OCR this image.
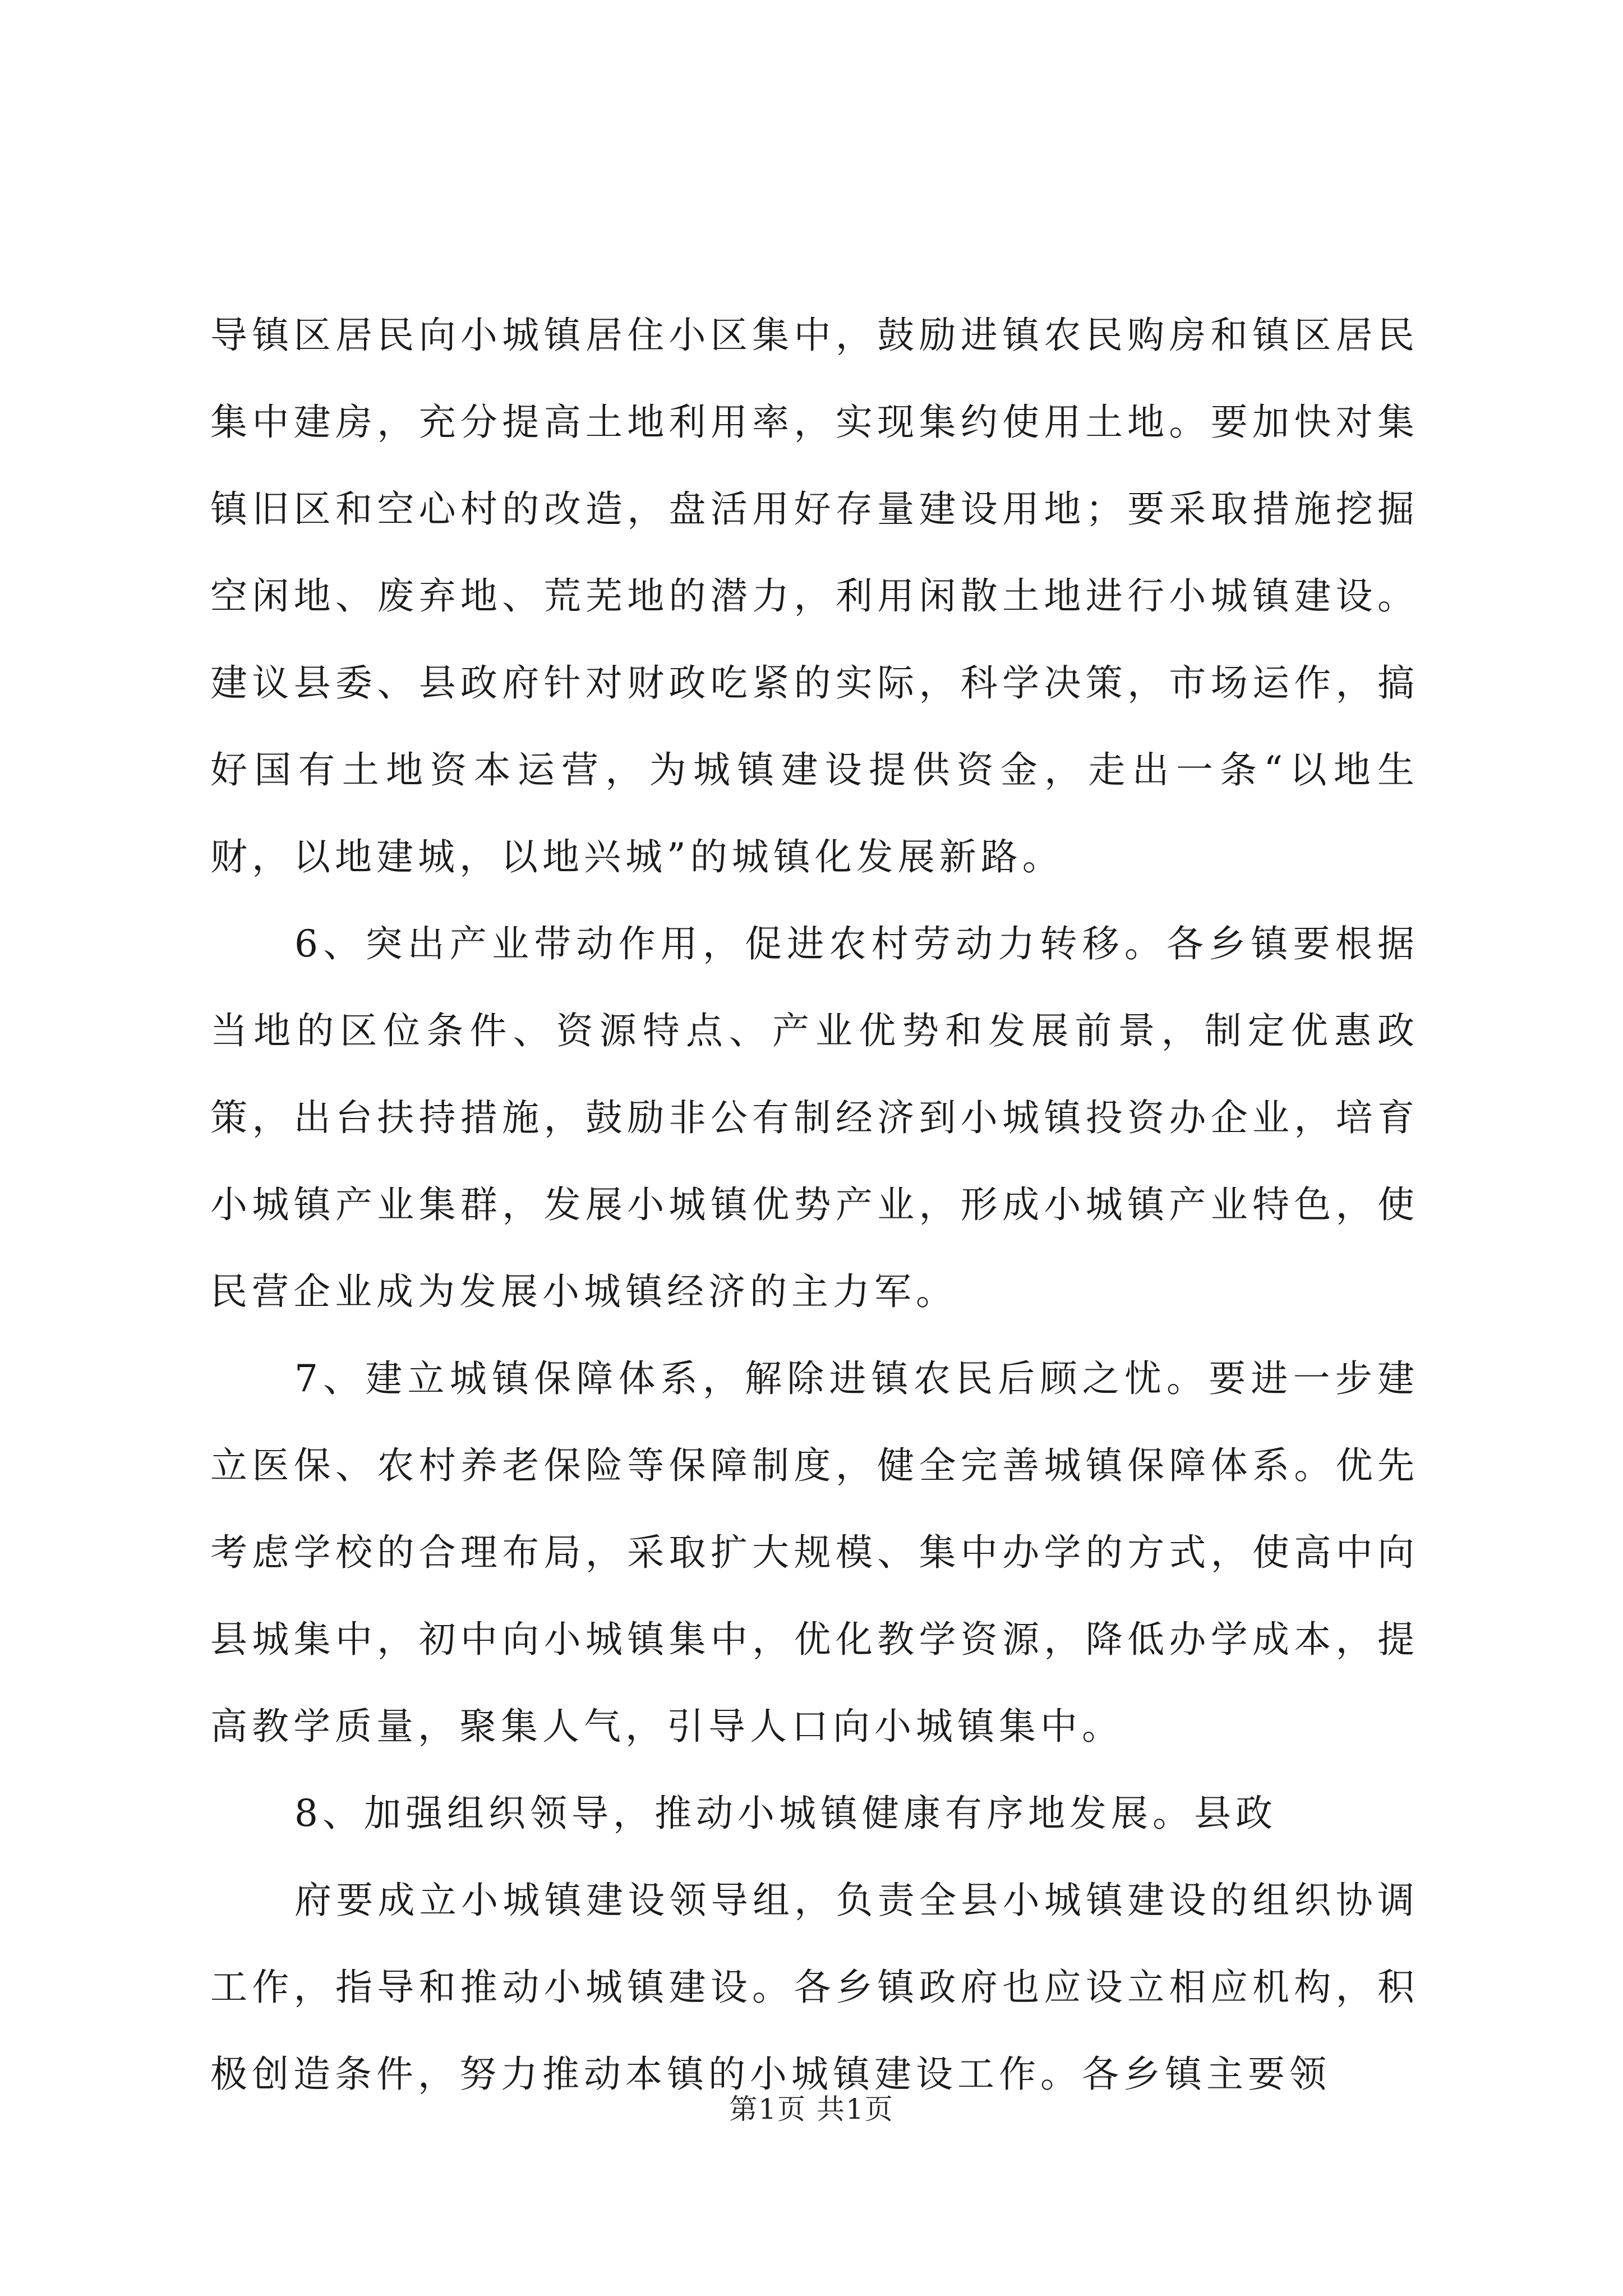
导镇区居民向小城镇居住小区集中，鼓励进镇农民购房和镇区居民集中建房，充分提高土地利用率，实现集约使用土地。要加快对集镇旧区和空心村的改造，盘活用好存量建设用地；要采取措施挖掘空闲地、废弃地、荒芜地的潜力，利用闲散土地进行小城镇建设。建议县委、县政府针对财政吃紧的实际，科学决策，市场运作，搞好国有土地资本运营，为城镇建设提供资金，走出一条“以地生财，以地建城，以地兴城”的城镇化发展新路。

6、突出产业带动作用，促进农村劳动力转移。各乡镇要根据当地的区位条件、资源特点、产业优势和发展前景，制定优惠政策，出台扶持措施，鼓励非公有制经济到小城镇投资办企业，培育小城镇产业集群，发展小城镇优势产业，形成小城镇产业特色，使民营企业成为发展小城镇经济的主力军。

7、建立城镇保障体系，解除进镇农民后顾之忧。要进一步建立医保、农村养老保险等保障制度，健全完善城镇保障体系。优先考虑学校的合理布局，采取扩大规模、集中办学的方式，使高中向县城集中，初中向小城镇集中，优化教学资源，降低办学成本，提高教学质量，聚集人气，引导人口向小城镇集中。

8、加强组织领导，推动小城镇健康有序地发展。县政

府要成立小城镇建设领导组，负责全县小城镇建设的组织协调工作，指导和推动小城镇建设。各乡镇政府也应设立相应机构，积极创造条件，努力推动本镇的小城镇建设工作。各乡镇主要领

第1页 共1页
